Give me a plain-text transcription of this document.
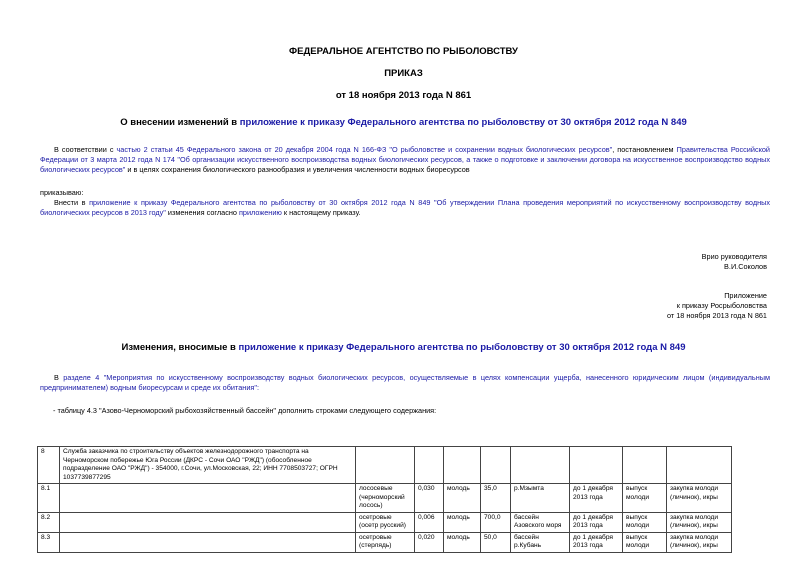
ФЕДЕРАЛЬНОЕ АГЕНТСТВО ПО РЫБОЛОВСТВУ
ПРИКАЗ
от 18 ноября 2013 года N 861
О внесении изменений в приложение к приказу Федерального агентства по рыболовству от 30 октября 2012 года N 849
В соответствии с частью 2 статьи 45 Федерального закона от 20 декабря 2004 года N 166-ФЗ "О рыболовстве и сохранении водных биологических ресурсов", постановлением Правительства Российской Федерации от 3 марта 2012 года N 174 "Об организации искусственного воспроизводства водных биологических ресурсов, а также о подготовке и заключении договора на искусственное воспроизводство водных биологических ресурсов" и в целях сохранения биологического разнообразия и увеличения численности водных биоресурсов
приказываю:
Внести в приложение к приказу Федерального агентства по рыболовству от 30 октября 2012 года N 849 "Об утверждении Плана проведения мероприятий по искусственному воспроизводству водных биологических ресурсов в 2013 году" изменения согласно приложению к настоящему приказу.
Врио руководителя
В.И.Соколов
Приложение
к приказу Росрыболовства
от 18 ноября 2013 года N 861
Изменения, вносимые в приложение к приказу Федерального агентства по рыболовству от 30 октября 2012 года N 849
В разделе 4 "Мероприятия по искусственному воспроизводству водных биологических ресурсов, осуществляемые в целях компенсации ущерба, нанесенного юридическим лицом (индивидуальным предпринимателем) водным биоресурсам и среде их обитания":
- таблицу 4.3 "Азово-Черноморский рыбохозяйственный бассейн" дополнить строками следующего содержания:
8	Служба заказчика по строительству объектов железнодорожного транспорта на Черноморском побережье Юга России (ДКРС - Сочи ОАО "РЖД") (обособленное подразделение ОАО "РЖД") - 354000, г.Сочи, ул.Московская, 22; ИНН 7708503727; ОГРН 1037739877295								
8.1		лососевые (черноморский лосось)	0,030	молодь	35,0	р.Мзымта	до 1 декабря 2013 года	выпуск молоди	закупка молоди (личинок), икры
8.2		осетровые (осетр русский)	0,006	молодь	700,0	бассейн Азовского моря	до 1 декабря 2013 года	выпуск молоди	закупка молоди (личинок), икры
8.3		осетровые (стерлядь)	0,020	молодь	50,0	бассейн р.Кубань	до 1 декабря 2013 года	выпуск молоди	закупка молоди (личинок), икры
